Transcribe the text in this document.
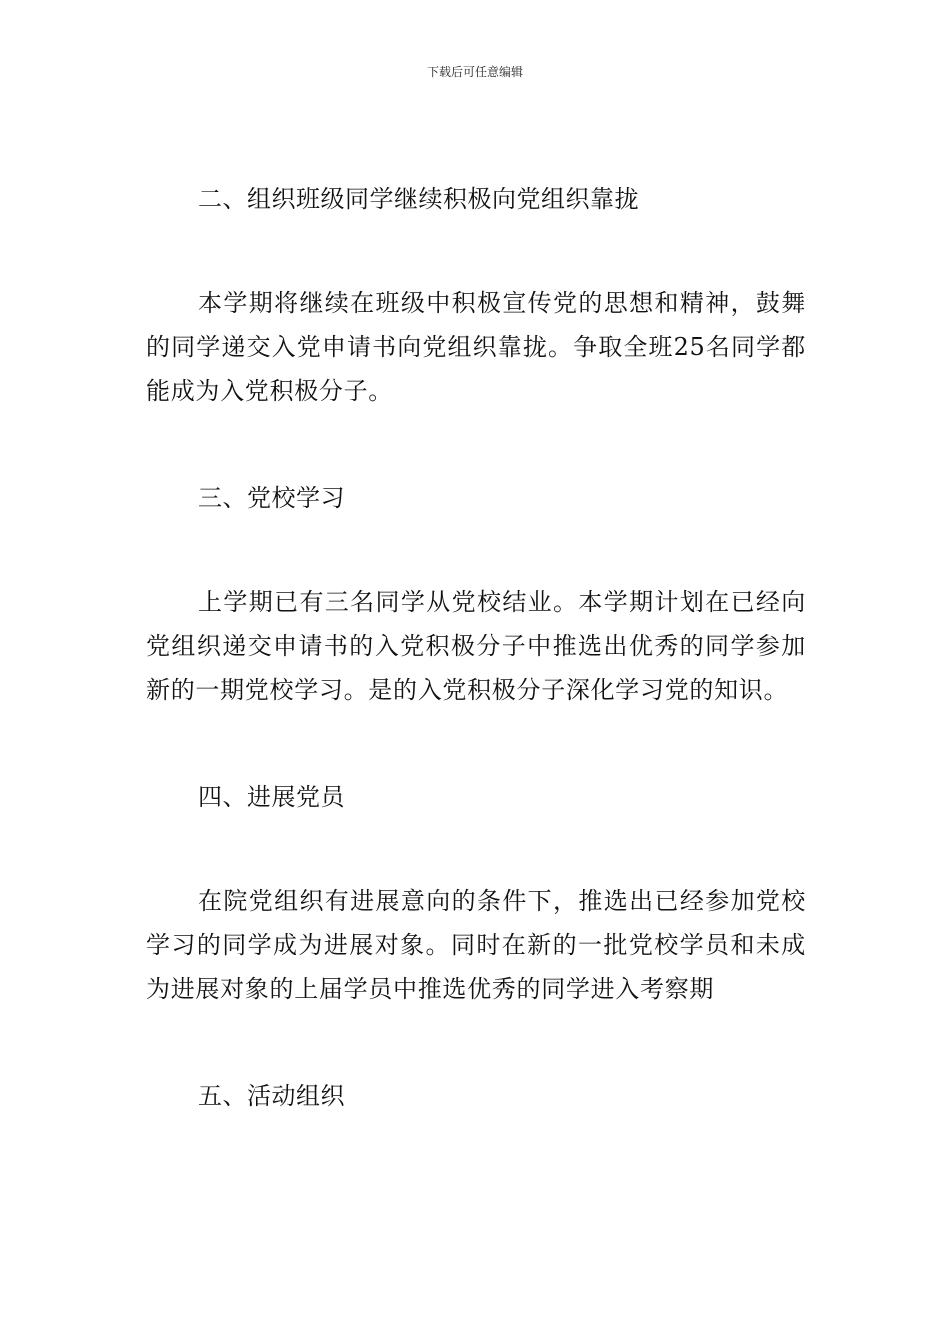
下载后可任意编辑

二、组织班级同学继续积极向党组织靠拢

本学期将继续在班级中积极宣传党的思想和精神，鼓舞的同学递交入党申请书向党组织靠拢。争取全班25名同学都能成为入党积极分子。

三、党校学习

上学期已有三名同学从党校结业。本学期计划在已经向党组织递交申请书的入党积极分子中推选出优秀的同学参加新的一期党校学习。是的入党积极分子深化学习党的知识。

四、进展党员

在院党组织有进展意向的条件下，推选出已经参加党校学习的同学成为进展对象。同时在新的一批党校学员和未成为进展对象的上届学员中推选优秀的同学进入考察期

五、活动组织
